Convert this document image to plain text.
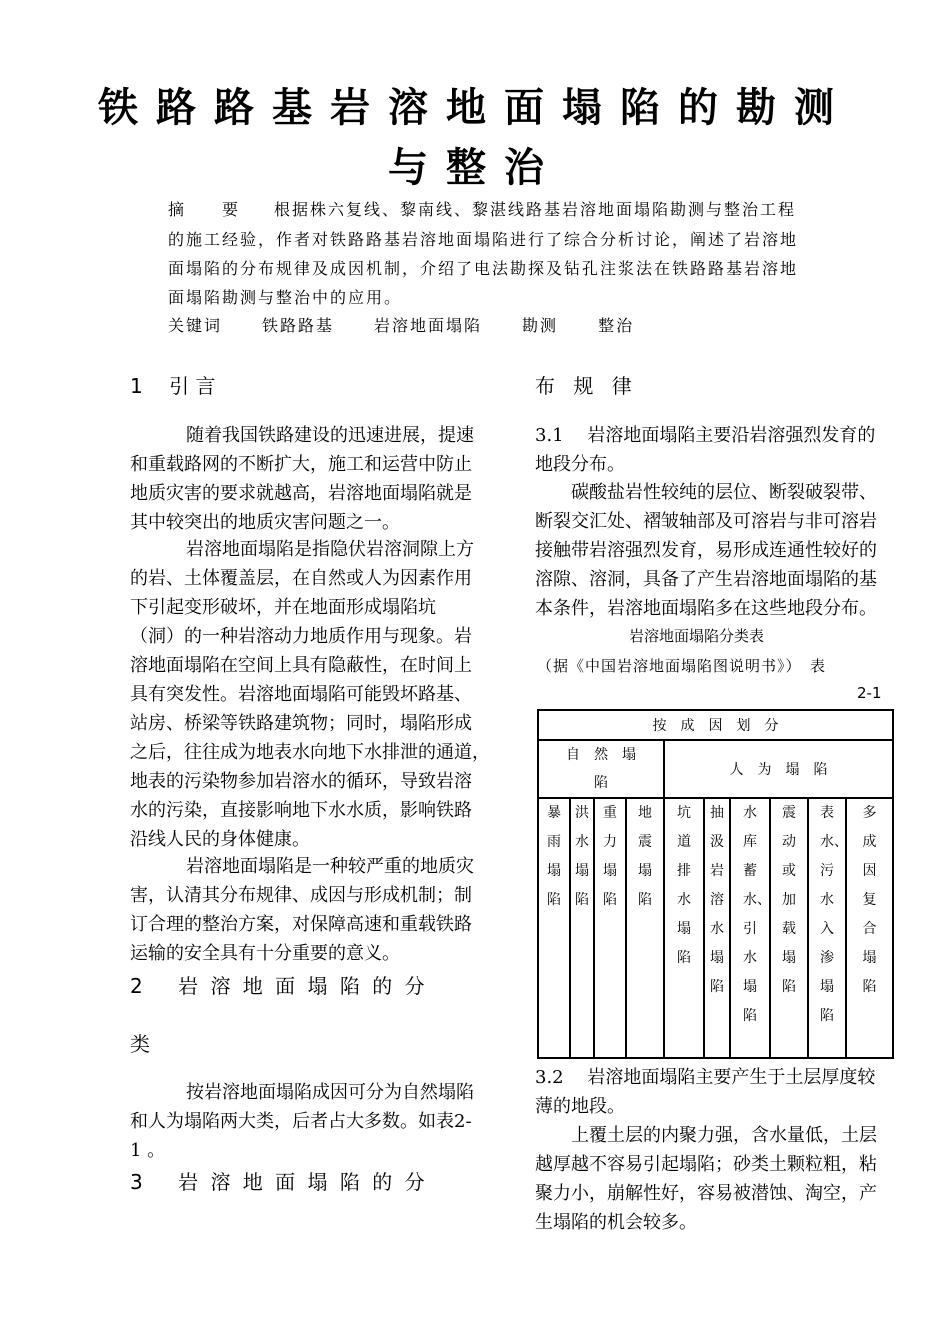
铁路路基岩溶地面塌陷的勘测
与整治
摘　　要 根据株六复线、黎南线、黎湛线路基岩溶地面塌陷勘测与整治工程
的施工经验，作者对铁路路基岩溶地面塌陷进行了综合分析讨论，阐述了岩溶地
面塌陷的分布规律及成因机制，介绍了电法勘探及钻孔注浆法在铁路路基岩溶地
面塌陷勘测与整治中的应用。
关键词	铁路路基	岩溶地面塌陷	勘测	整治
1　 引 言
随着我国铁路建设的迅速进展，提速
和重载路网的不断扩大，施工和运营中防止
地质灾害的要求就越高，岩溶地面塌陷就是
其中较突出的地质灾害问题之一。
岩溶地面塌陷是指隐伏岩溶洞隙上方
的岩、土体覆盖层，在自然或人为因素作用
下引起变形破坏，并在地面形成塌陷坑
（洞）的一种岩溶动力地质作用与现象。岩
溶地面塌陷在空间上具有隐蔽性，在时间上
具有突发性。岩溶地面塌陷可能毁坏路基、
站房、桥梁等铁路建筑物；同时，塌陷形成
之后，往往成为地表水向地下水排泄的通道，
地表的污染物参加岩溶水的循环，导致岩溶
水的污染，直接影响地下水水质，影响铁路
沿线人民的身体健康。
岩溶地面塌陷是一种较严重的地质灾
害，认清其分布规律、成因与形成机制；制
订合理的整治方案，对保障高速和重载铁路
运输的安全具有十分重要的意义。
2　 岩 溶 地 面 塌 陷 的 分
类
按岩溶地面塌陷成因可分为自然塌陷
和人为塌陷两大类，后者占大多数。如表2-
1 。
3　 岩 溶 地 面 塌 陷 的 分
布 规 律
3.1　 岩溶地面塌陷主要沿岩溶强烈发育的
地段分布。
碳酸盐岩性较纯的层位、断裂破裂带、
断裂交汇处、褶皱轴部及可溶岩与非可溶岩
接触带岩溶强烈发育，易形成连通性较好的
溶隙、溶洞，具备了产生岩溶地面塌陷的基
本条件，岩溶地面塌陷多在这些地段分布。
岩溶地面塌陷分类表
（据《中国岩溶地面塌陷图说明书》）　表
2-1
按　成　因　划　分									
自　然　塌　陷				人　为　塌　陷					
暴雨塌陷	洪水塌陷	重力塌陷	地震塌陷	坑道排水塌陷	抽汲岩溶水塌陷	水库蓄水、引水塌陷	震动或加载塌陷	表水、污水入渗塌陷	多成因复合塌陷
3.2　 岩溶地面塌陷主要产生于土层厚度较
薄的地段。
上覆土层的内聚力强，含水量低，土层
越厚越不容易引起塌陷；砂类土颗粒粗，粘
聚力小，崩解性好，容易被潜蚀、淘空，产
生塌陷的机会较多。
